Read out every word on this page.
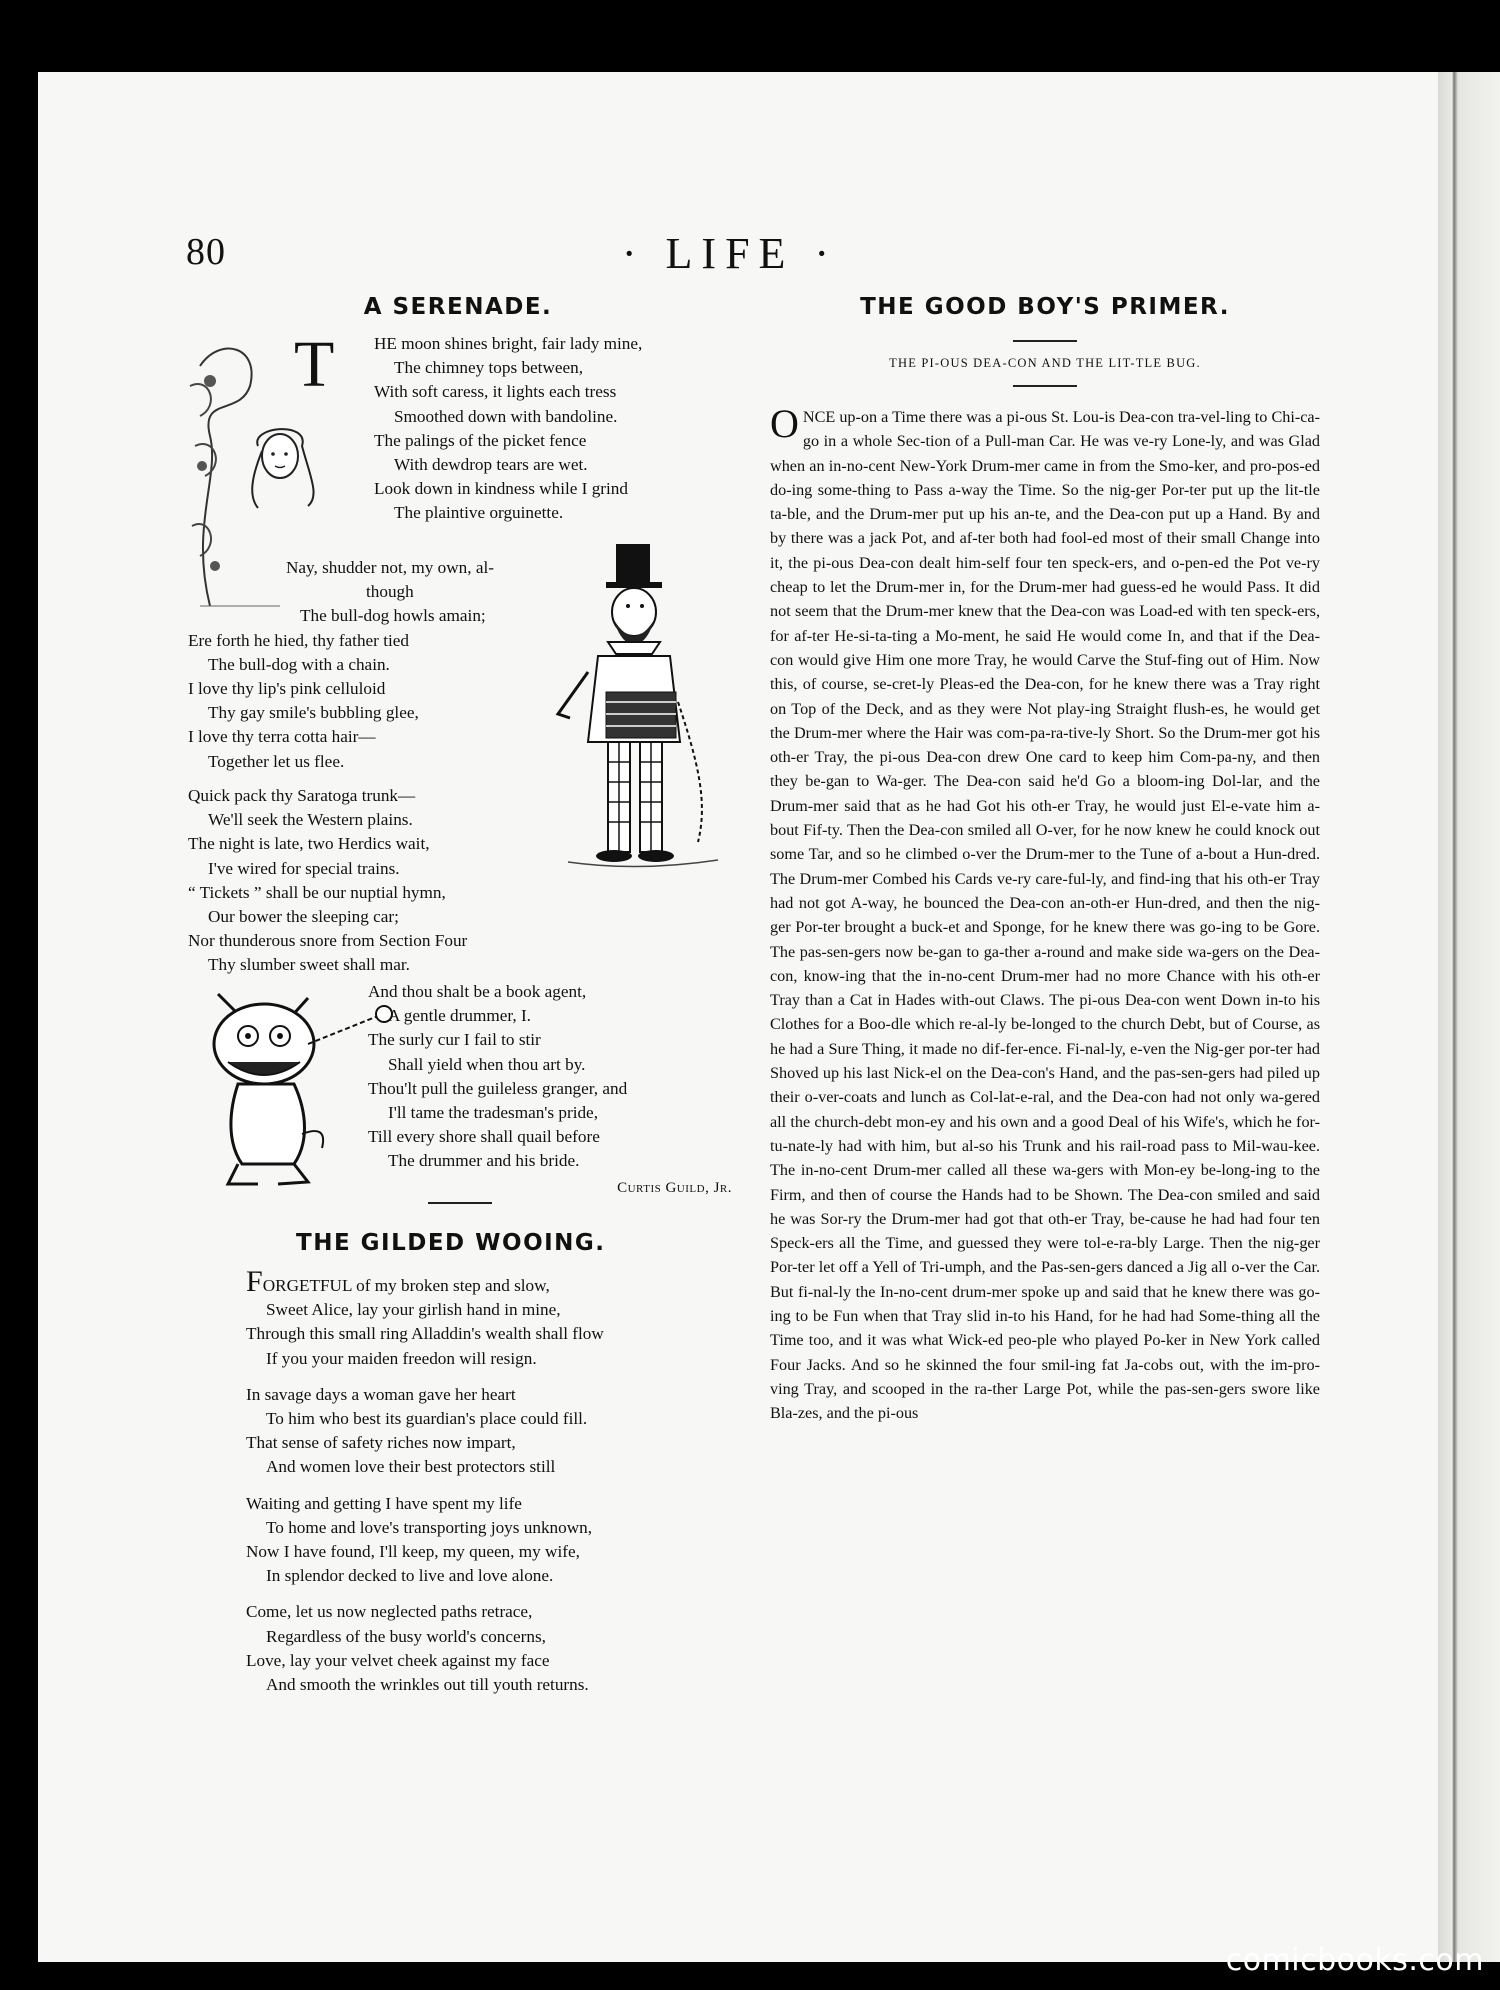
80	· LIFE ·
A SERENADE.
T HE moon shines bright, fair lady mine,

The chimney tops between,

With soft caress, it lights each tress

Smoothed down with bandoline.

The palings of the picket fence

With dewdrop tears are wet.

Look down in kindness while I grind

The plaintive orguinette.

Nay, shudder not, my own, al-

though

The bull-dog howls amain;

Ere forth he hied, thy father tied

The bull-dog with a chain.

I love thy lip's pink celluloid

Thy gay smile's bubbling glee,

I love thy terra cotta hair—

Together let us flee.

Quick pack thy Saratoga trunk—

We'll seek the Western plains.

The night is late, two Herdics wait,

I've wired for special trains.

“ Tickets ” shall be our nuptial hymn,

Our bower the sleeping car;

Nor thunderous snore from Section Four

Thy slumber sweet shall mar.

And thou shalt be a book agent,

A gentle drummer, I.

The surly cur I fail to stir

Shall yield when thou art by.

Thou'lt pull the guileless granger, and

I'll tame the tradesman's pride,

Till every shore shall quail before

The drummer and his bride.

Curtis Guild, Jr.
THE GILDED WOOING.

FORGETFUL of my broken step and slow,

Sweet Alice, lay your girlish hand in mine,

Through this small ring Alladdin's wealth shall flow

If you your maiden freedon will resign.

In savage days a woman gave her heart

To him who best its guardian's place could fill.

That sense of safety riches now impart,

And women love their best protectors still

Waiting and getting I have spent my life

To home and love's transporting joys unknown,

Now I have found, I'll keep, my queen, my wife,

In splendor decked to live and love alone.

Come, let us now neglected paths retrace,

Regardless of the busy world's concerns,

Love, lay your velvet cheek against my face

And smooth the wrinkles out till youth returns.

THE GOOD BOY'S PRIMER.

THE PI-OUS DEA-CON AND THE LIT-TLE BUG.

ONCE up-on a Time there was a pi-ous St. Lou-is Dea-con tra-vel-ling to Chi-ca-go in a whole Sec-tion of a Pull-man Car. He was ve-ry Lone-ly, and was Glad when an in-no-cent New-York Drum-mer came in from the Smo-ker, and pro-pos-ed do-ing some-thing to Pass a-way the Time. So the nig-ger Por-ter put up the lit-tle ta-ble, and the Drum-mer put up his an-te, and the Dea-con put up a Hand. By and by there was a jack Pot, and af-ter both had fool-ed most of their small Change into it, the pi-ous Dea-con dealt him-self four ten speck-ers, and o-pen-ed the Pot ve-ry cheap to let the Drum-mer in, for the Drum-mer had guess-ed he would Pass. It did not seem that the Drum-mer knew that the Dea-con was Load-ed with ten speck-ers, for af-ter He-si-ta-ting a Mo-ment, he said He would come In, and that if the Dea-con would give Him one more Tray, he would Carve the Stuf-fing out of Him. Now this, of course, se-cret-ly Pleas-ed the Dea-con, for he knew there was a Tray right on Top of the Deck, and as they were Not play-ing Straight flush-es, he would get the Drum-mer where the Hair was com-pa-ra-tive-ly Short. So the Drum-mer got his oth-er Tray, the pi-ous Dea-con drew One card to keep him Com-pa-ny, and then they be-gan to Wa-ger. The Dea-con said he'd Go a bloom-ing Dol-lar, and the Drum-mer said that as he had Got his oth-er Tray, he would just El-e-vate him a-bout Fif-ty. Then the Dea-con smiled all O-ver, for he now knew he could knock out some Tar, and so he climbed o-ver the Drum-mer to the Tune of a-bout a Hun-dred. The Drum-mer Combed his Cards ve-ry care-ful-ly, and find-ing that his oth-er Tray had not got A-way, he bounced the Dea-con an-oth-er Hun-dred, and then the nig-ger Por-ter brought a buck-et and Sponge, for he knew there was go-ing to be Gore. The pas-sen-gers now be-gan to ga-ther a-round and make side wa-gers on the Dea-con, know-ing that the in-no-cent Drum-mer had no more Chance with his oth-er Tray than a Cat in Hades with-out Claws. The pi-ous Dea-con went Down in-to his Clothes for a Boo-dle which re-al-ly be-longed to the church Debt, but of Course, as he had a Sure Thing, it made no dif-fer-ence. Fi-nal-ly, e-ven the Nig-ger por-ter had Shoved up his last Nick-el on the Dea-con's Hand, and the pas-sen-gers had piled up their o-ver-coats and lunch as Col-lat-e-ral, and the Dea-con had not only wa-gered all the church-debt mon-ey and his own and a good Deal of his Wife's, which he for-tu-nate-ly had with him, but al-so his Trunk and his rail-road pass to Mil-wau-kee. The in-no-cent Drum-mer called all these wa-gers with Mon-ey be-long-ing to the Firm, and then of course the Hands had to be Shown. The Dea-con smiled and said he was Sor-ry the Drum-mer had got that oth-er Tray, be-cause he had had four ten Speck-ers all the Time, and guessed they were tol-e-ra-bly Large. Then the nig-ger Por-ter let off a Yell of Tri-umph, and the Pas-sen-gers danced a Jig all o-ver the Car. But fi-nal-ly the In-no-cent drum-mer spoke up and said that he knew there was go-ing to be Fun when that Tray slid in-to his Hand, for he had had Some-thing all the Time too, and it was what Wick-ed peo-ple who played Po-ker in New York called Four Jacks. And so he skinned the four smil-ing fat Ja-cobs out, with the im-pro-ving Tray, and scooped in the ra-ther Large Pot, while the pas-sen-gers swore like Bla-zes, and the pi-ous

comicbooks.com
